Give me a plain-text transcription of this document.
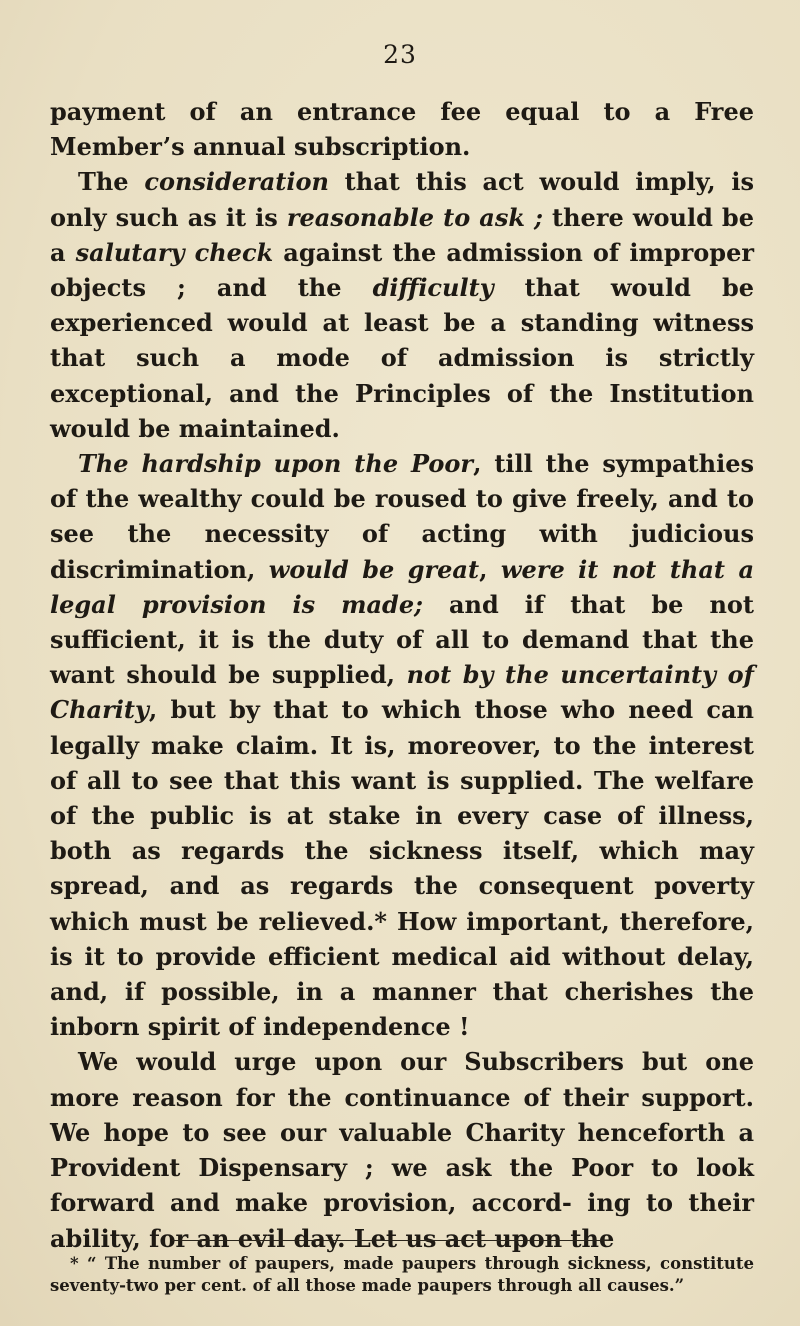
23

payment of an entrance fee equal to a Free Member’s annual subscription.

The consideration that this act would imply, is only such as it is reasonable to ask ; there would be a salutary check against the admission of improper objects ; and the difficulty that would be experienced would at least be a standing witness that such a mode of admission is strictly exceptional, and the Principles of the Institution would be maintained.

The hardship upon the Poor, till the sympathies of the wealthy could be roused to give freely, and to see the necessity of acting with judicious discrimination, would be great, were it not that a legal provision is made; and if that be not sufficient, it is the duty of all to demand that the want should be supplied, not by the uncertainty of Charity, but by that to which those who need can legally make claim. It is, moreover, to the interest of all to see that this want is supplied. The welfare of the public is at stake in every case of illness, both as regards the sickness itself, which may spread, and as regards the consequent poverty which must be relieved.* How important, therefore, is it to provide efficient medical aid without delay, and, if possible, in a manner that cherishes the inborn spirit of independence !

We would urge upon our Subscribers but one more reason for the continuance of their support. We hope to see our valuable Charity henceforth a Provident Dispensary ; we ask the Poor to look forward and make provision, accord- ing to their ability, for an evil day. Let us act upon the

* “ The number of paupers, made paupers through sickness, constitute seventy-two per cent. of all those made paupers through all causes.”
